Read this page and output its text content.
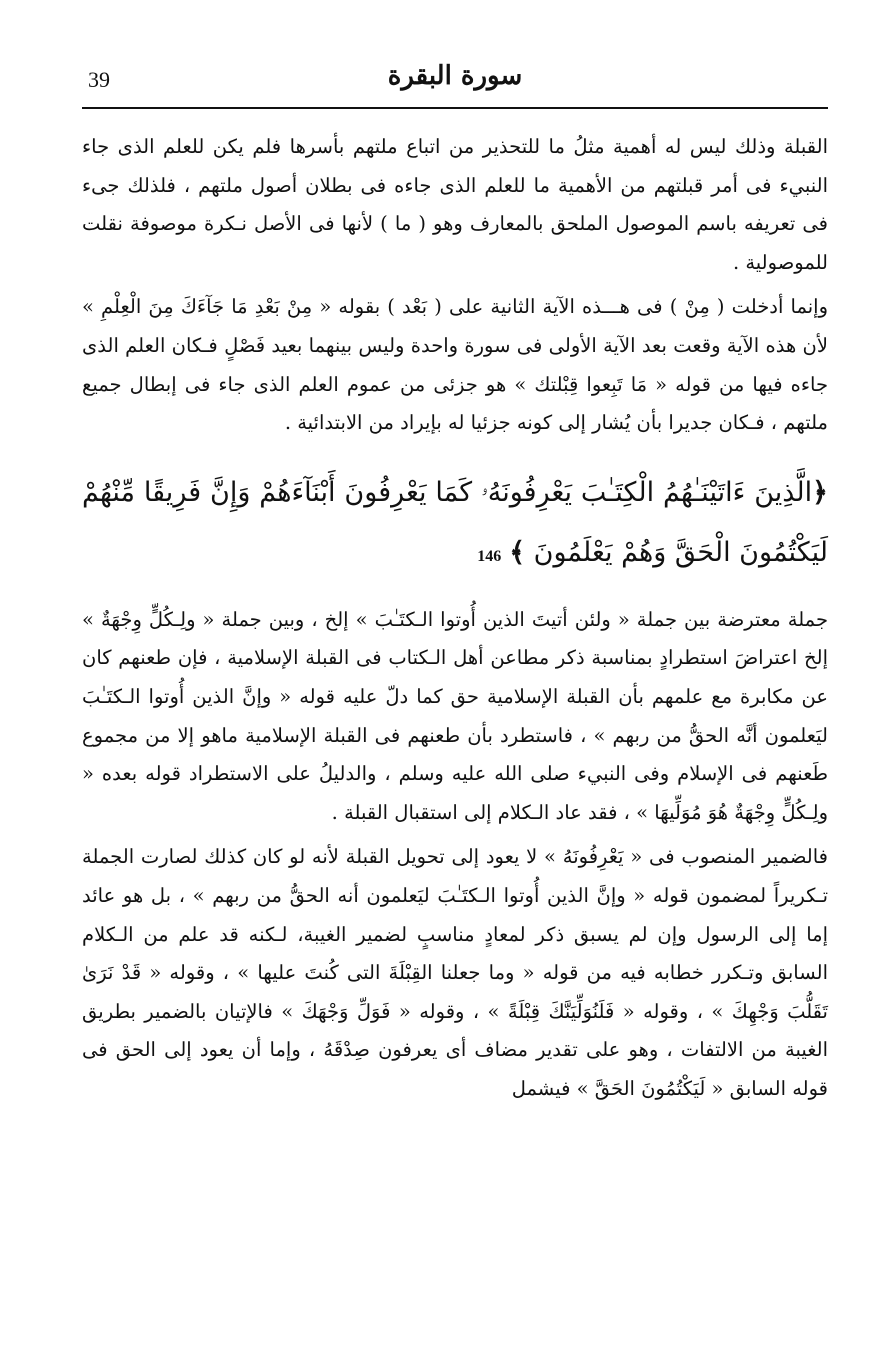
39	سورة البقرة
القبلة وذلك ليس له أهمية مثلُ ما للتحذير من اتباع ملتهم بأسرها فلم يكن للعلم الذى جاء النبيء فى أمر قبلتهم من الأهمية ما للعلم الذى جاءه فى بطلان أصول ملتهم ، فلذلك جىء فى تعريفه باسم الموصول الملحق بالمعارف وهو ( ما ) لأنها فى الأصل نـكرة موصوفة نقلت للموصولية .
وإنما أدخلت ( مِنْ ) فى هـــذه الآية الثانية على ( بَعْد ) بقوله « مِنْ بَعْدِ مَا جَآءَكَ مِنَ الْعِلْمِ » لأن هذه الآية وقعت بعد الآية الأولى فى سورة واحدة وليس بينهما بعيد فَصْلٍ فـكان العلم الذى جاءه فيها من قوله « مَا تَبِعوا قِبْلتك » هو جزئى من عموم العلم الذى جاء فى إبطال جميع ملتهم ، فـكان جديرا بأن يُشار إلى كونه جزئيا له بإيراد من الابتدائية .
﴿الَّذِينَ ءَاتَيْنَـٰهُمُ الْكِتَـٰبَ يَعْرِفُونَهُۥ كَمَا يَعْرِفُونَ أَبْنَآءَهُمْ وَإِنَّ فَرِيقًا مِّنْهُمْ لَيَكْتُمُونَ الْحَقَّ وَهُمْ يَعْلَمُونَ ﴾146
جملة معترضة بين جملة « ولئن أتيتَ الذين أُوتوا الـكتَـٰبَ » إلخ ، وبين جملة « ولِـكُلٍّ وِجْهَةٌ » إلخ اعتراضَ استطرادٍ بمناسبة ذكر مطاعن أهل الـكتاب فى القبلة الإسلامية ، فإن طعنهم كان عن مكابرة مع علمهم بأن القبلة الإسلامية حق كما دلّ عليه قوله « وإنَّ الذين أُوتوا الـكتَـٰبَ ليَعلمون أنَّه الحقُّ من ربهم » ، فاستطرد بأن طعنهم فى القبلة الإسلامية ماهو إلا من مجموع طَعنهم فى الإسلام وفى النبيء صلى الله عليه وسلم ، والدليلُ على الاستطراد قوله بعده « ولِـكُلٍّ وِجْهَةٌ هُوَ مُوَلِّيهَا » ، فقد عاد الـكلام إلى استقبال القبلة .
فالضمير المنصوب فى « يَعْرِفُونَهُ » لا يعود إلى تحويل القبلة لأنه لو كان كذلك لصارت الجملة تـكريراً لمضمون قوله « وإنَّ الذين أُوتوا الـكتَـٰبَ ليَعلمون أنه الحقُّ من ربهم » ، بل هو عائد إما إلى الرسول وإن لم يسبق ذكر لمعادٍ مناسبٍ لضمير الغيبة، لـكنه قد علم من الـكلام السابق وتـكرر خطابه فيه من قوله « وما جعلنا القِبْلَةَ التى كُنتَ عليها » ، وقوله « قَدْ نَرَىٰ تَقَلُّبَ وَجْهِكَ » ، وقوله « فَلَنُوَلِّيَنَّكَ قِبْلَةً » ، وقوله « فَوَلِّ وَجْهَكَ » فالإتيان بالضمير بطريق الغيبة من الالتفات ، وهو على تقدير مضاف أى يعرفون صِدْقَهُ ، وإما أن يعود إلى الحق فى قوله السابق « لَيَكْتُمُونَ الحَقَّ » فيشمل
